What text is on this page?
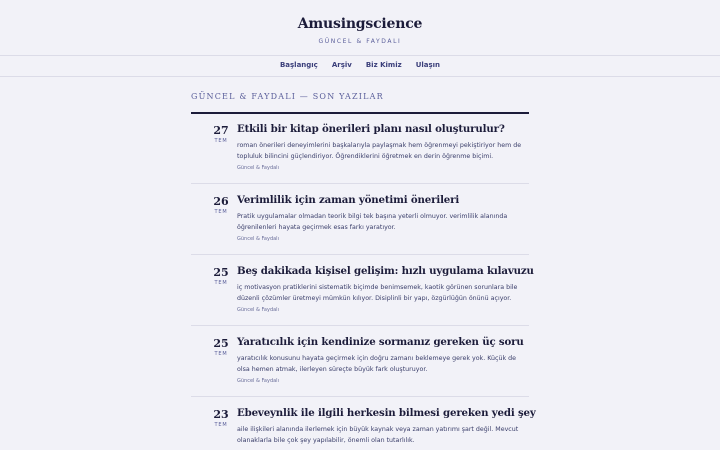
Amusingscience
GÜNCEL & FAYDALI
Başlangıç	Arşiv	Biz Kimiz	Ulaşın
GÜNCEL & FAYDALI — SON YAZILAR
27
TEM
Etkili bir kitap önerileri planı nasıl oluşturulur?
roman önerileri deneyimlerini başkalarıyla paylaşmak hem öğrenmeyi pekiştiriyor hem de topluluk bilincini güçlendiriyor. Öğrendiklerini öğretmek en derin öğrenme biçimi.
Güncel & Faydalı
26
TEM
Verimlilik için zaman yönetimi önerileri
Pratik uygulamalar olmadan teorik bilgi tek başına yeterli olmuyor. verimlilik alanında öğrenilenleri hayata geçirmek esas farkı yaratıyor.
Güncel & Faydalı
25
TEM
Beş dakikada kişisel gelişim: hızlı uygulama kılavuzu
iç motivasyon pratiklerini sistematik biçimde benimsemek, kaotik görünen sorunlara bile düzenli çözümler üretmeyi mümkün kılıyor. Disiplinli bir yapı, özgürlüğün önünü açıyor.
Güncel & Faydalı
25
TEM
Yaratıcılık için kendinize sormanız gereken üç soru
yaratıcılık konusunu hayata geçirmek için doğru zamanı beklemeye gerek yok. Küçük de olsa hemen atmak, ilerleyen süreçte büyük fark oluşturuyor.
Güncel & Faydalı
23
TEM
Ebeveynlik ile ilgili herkesin bilmesi gereken yedi şey
aile ilişkileri alanında ilerlemek için büyük kaynak veya zaman yatırımı şart değil. Mevcut olanaklarla bile çok şey yapılabilir, önemli olan tutarlılık.
